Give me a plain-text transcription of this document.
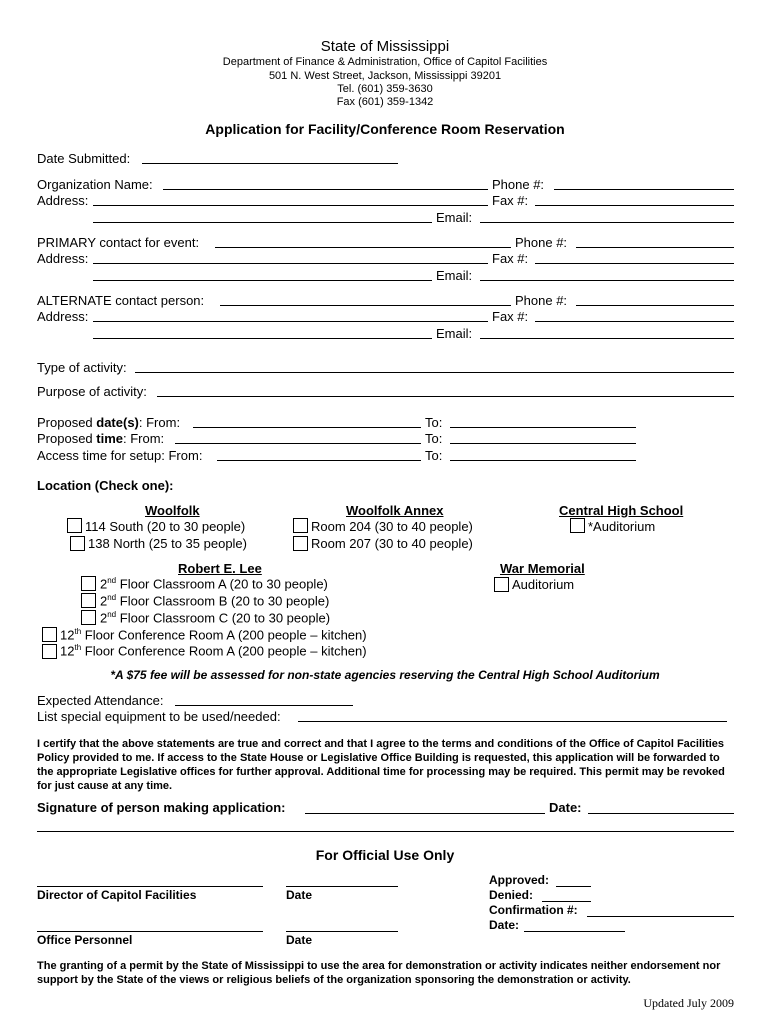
State of Mississippi
Department of Finance & Administration, Office of Capitol Facilities
501 N. West Street, Jackson, Mississippi 39201
Tel. (601) 359-3630
Fax (601) 359-1342
Application for Facility/Conference Room Reservation
Date Submitted:
Organization Name:	Phone #:
Address:	Fax #:
Email:
PRIMARY contact for event:	Phone #:
Address:	Fax #:
Email:
ALTERNATE contact person:	Phone #:
Address:	Fax #:
Email:
Type of activity:
Purpose of activity:
Proposed date(s): From:	To:
Proposed time: From:	To:
Access time for setup: From:	To:
Location (Check one):
Woolfolk
114 South (20 to 30 people)
138 North (25 to 35 people)
Woolfolk Annex
Room 204 (30 to 40 people)
Room 207 (30 to 40 people)
Central High School
*Auditorium
Robert E. Lee
2nd Floor Classroom A (20 to 30 people)
2nd Floor Classroom B (20 to 30 people)
2nd Floor Classroom C (20 to 30 people)
12th Floor Conference Room A (200 people – kitchen)
12th Floor Conference Room A (200 people – kitchen)
War Memorial
Auditorium
*A $75 fee will be assessed for non-state agencies reserving the Central High School Auditorium
Expected Attendance:
List special equipment to be used/needed:
I certify that the above statements are true and correct and that I agree to the terms and conditions of the Office of Capitol Facilities Policy provided to me. If access to the State House or Legislative Office Building is requested, this application will be forwarded to the appropriate Legislative offices for further approval. Additional time for processing may be required. This permit may be revoked for just cause at any time.
Signature of person making application:	Date:
For Official Use Only
Director of Capitol Facilities	Date
Office Personnel	Date
Approved:
Denied:
Confirmation #:
Date:
The granting of a permit by the State of Mississippi to use the area for demonstration or activity indicates neither endorsement nor support by the State of the views or religious beliefs of the organization sponsoring the demonstration or activity.
Updated July 2009
